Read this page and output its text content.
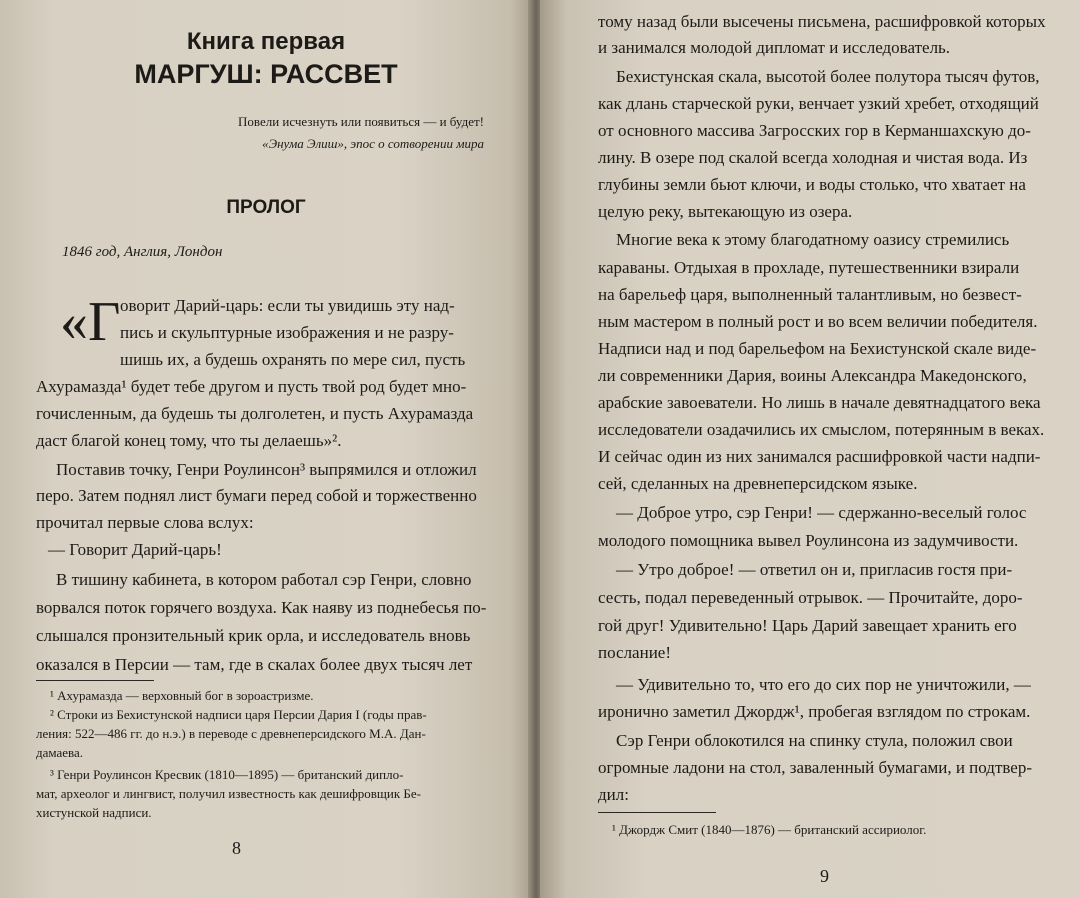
Книга первая
МАРГУШ: РАССВЕТ
Повели исчезнуть или появиться — и будет!
«Энума Элиш», эпос о сотворении мира
ПРОЛОГ
1846 год, Англия, Лондон
«Г оворит Дарий-царь: если ты увидишь эту над-
пись и скульптурные изображения и не разру-
шишь их, а будешь охранять по мере сил, пусть
Ахурамазда¹ будет тебе другом и пусть твой род будет мно-
гочисленным, да будешь ты долголетен, и пусть Ахурамазда
даст благой конец тому, что ты делаешь»².
Поставив точку, Генри Роулинсон³ выпрямился и отложил
перо. Затем поднял лист бумаги перед собой и торжественно
прочитал первые слова вслух:
— Говорит Дарий-царь!
В тишину кабинета, в котором работал сэр Генри, словно
ворвался поток горячего воздуха. Как наяву из поднебесья по-
слышался пронзительный крик орла, и исследователь вновь
оказался в Персии — там, где в скалах более двух тысяч лет
¹ Ахурамазда — верховный бог в зороастризме.
² Строки из Бехистунской надписи царя Персии Дария I (годы прав-
ления: 522—486 гг. до н.э.) в переводе с древнеперсидского М.А. Дан-
дамаева.
³ Генри Роулинсон Кресвик (1810—1895) — британский дипло-
мат, археолог и лингвист, получил известность как дешифровщик Бе-
хистунской надписи.
8
тому назад были высечены письмена, расшифровкой которых
и занимался молодой дипломат и исследователь.
Бехистунская скала, высотой более полутора тысяч футов,
как длань старческой руки, венчает узкий хребет, отходящий
от основного массива Загросских гор в Керманшахскую до-
лину. В озере под скалой всегда холодная и чистая вода. Из
глубины земли бьют ключи, и воды столько, что хватает на
целую реку, вытекающую из озера.
Многие века к этому благодатному оазису стремились
караваны. Отдыхая в прохладе, путешественники взирали
на барельеф царя, выполненный талантливым, но безвест-
ным мастером в полный рост и во всем величии победителя.
Надписи над и под барельефом на Бехистунской скале виде-
ли современники Дария, воины Александра Македонского,
арабские завоеватели. Но лишь в начале девятнадцатого века
исследователи озадачились их смыслом, потерянным в веках.
И сейчас один из них занимался расшифровкой части надпи-
сей, сделанных на древнеперсидском языке.
— Доброе утро, сэр Генри! — сдержанно-веселый голос
молодого помощника вывел Роулинсона из задумчивости.
— Утро доброе! — ответил он и, пригласив гостя при-
сесть, подал переведенный отрывок. — Прочитайте, доро-
гой друг! Удивительно! Царь Дарий завещает хранить его
послание!
— Удивительно то, что его до сих пор не уничтожили, —
иронично заметил Джордж¹, пробегая взглядом по строкам.
Сэр Генри облокотился на спинку стула, положил свои
огромные ладони на стол, заваленный бумагами, и подтвер-
дил:
¹ Джордж Смит (1840—1876) — британский ассириолог.
9
